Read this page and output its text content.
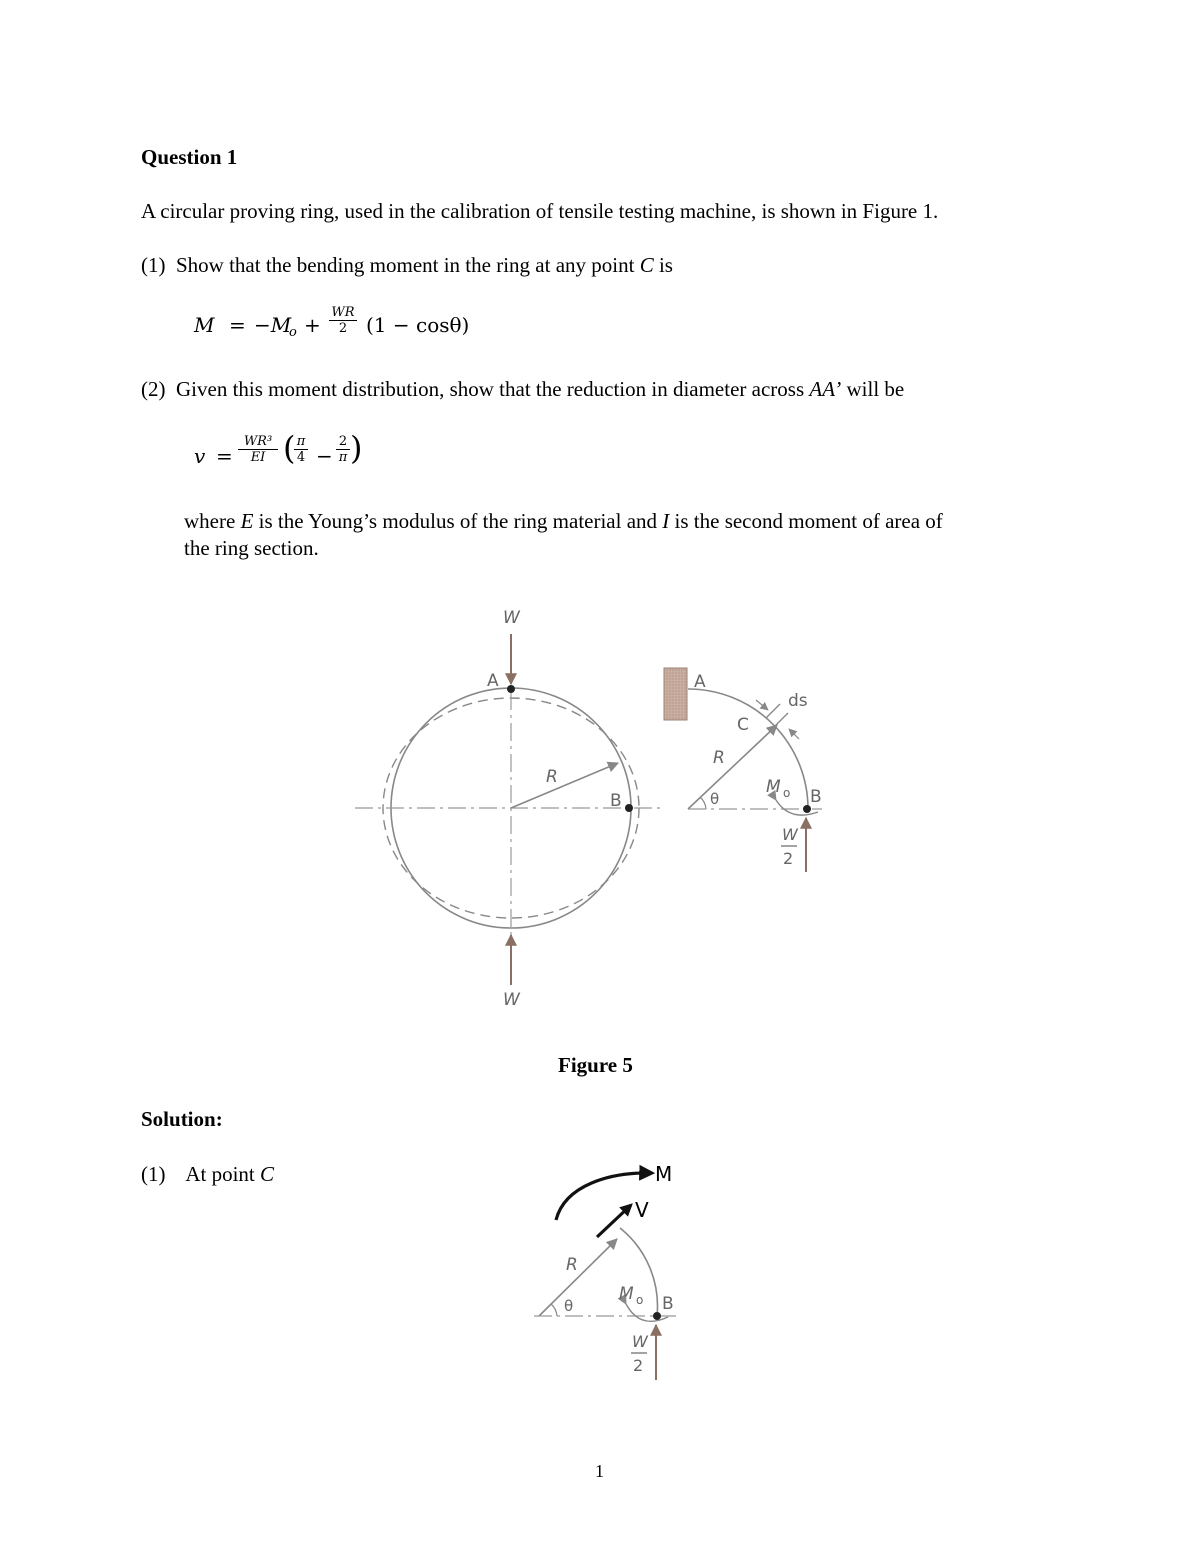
Question 1
A circular proving ring, used in the calibration of tensile testing machine, is shown in Figure 1.
(1) Show that the bending moment in the ring at any point C is
M = −M
o +
WR
2 (1 − cosθ)
(2) Given this moment distribution, show that the reduction in diameter across AA’ will be
v =
WR³
EI ( π
4 −
2
π )
where E is the Young’s modulus of the ring material and I is the second moment of area of
the ring section.
W
W
A
B
R
A
C
ds
R
θ
M o B
W
2
Figure 5
Solution:
(1) At point C	M
V
R
θ
M o B
W
2
1
